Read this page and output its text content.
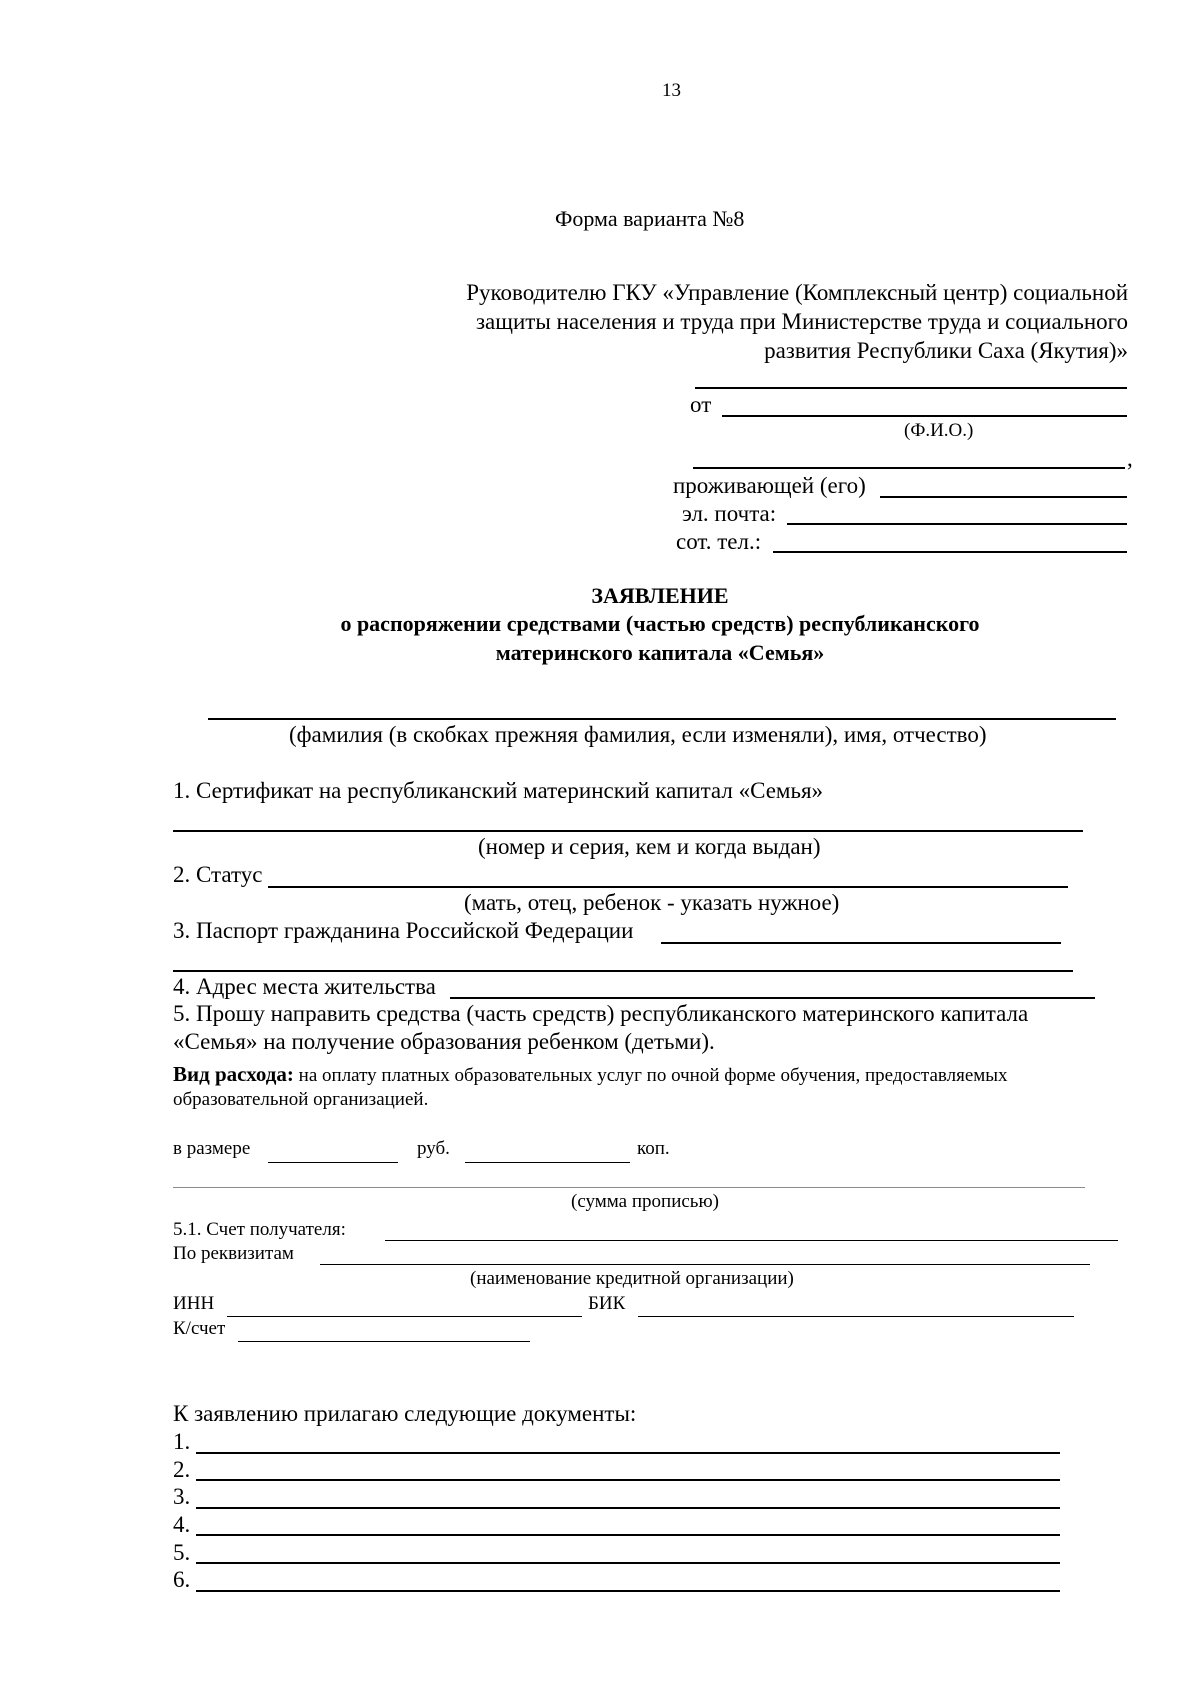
13
Форма варианта №8
Руководителю ГКУ «Управление (Комплексный центр) социальной
защиты населения и труда при Министерстве труда и социального
развития Республики Саха (Якутия)»
от
(Ф.И.О.)
,
проживающей (его)
эл. почта:
сот. тел.:
ЗАЯВЛЕНИЕ
о распоряжении средствами (частью средств) республиканского
материнского капитала «Семья»
(фамилия (в скобках прежняя фамилия, если изменяли), имя, отчество)
1. Сертификат на республиканский материнский капитал «Семья»
(номер и серия, кем и когда выдан)
2. Статус
(мать, отец, ребенок - указать нужное)
3. Паспорт гражданина Российской Федерации
4. Адрес места жительства
5. Прошу направить средства (часть средств) республиканского материнского капитала
«Семья» на получение образования ребенком (детьми).
Вид расхода: на оплату платных образовательных услуг по очной форме обучения, предоставляемых
образовательной организацией.
в размере	руб.	коп.
(сумма прописью)
5.1. Счет получателя:
По реквизитам
(наименование кредитной организации)
ИНН	БИК
К/счет
К заявлению прилагаю следующие документы:
1.
2.
3.
4.
5.
6.
